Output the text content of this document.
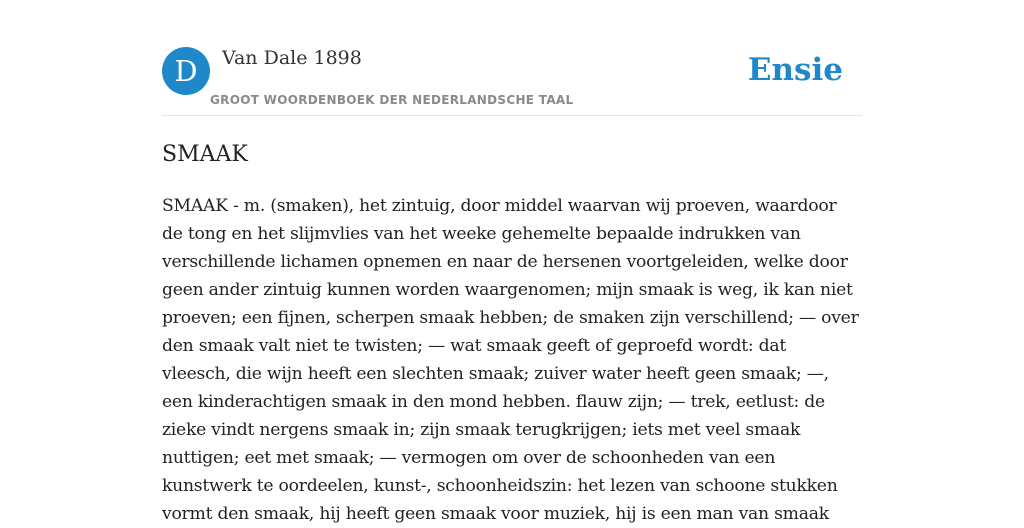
D	Van Dale 1898
GROOT WOORDENBOEK DER NEDERLANDSCHE TAAL
Ensie
SMAAK
SMAAK - m. (smaken), het zintuig, door middel waarvan wij proeven, waardoor
de tong en het slijmvlies van het weeke gehemelte bepaalde indrukken van
verschillende lichamen opnemen en naar de hersenen voortgeleiden, welke door
geen ander zintuig kunnen worden waargenomen; mijn smaak is weg, ik kan niet
proeven; een fijnen, scherpen smaak hebben; de smaken zijn verschillend; — over
den smaak valt niet te twisten; — wat smaak geeft of geproefd wordt: dat
vleesch, die wijn heeft een slechten smaak; zuiver water heeft geen smaak; —,
een kinderachtigen smaak in den mond hebben. flauw zijn; — trek, eetlust: de
zieke vindt nergens smaak in; zijn smaak terugkrijgen; iets met veel smaak
nuttigen; eet met smaak; — vermogen om over de schoonheden van een
kunstwerk te oordeelen, kunst-, schoonheidszin: het lezen van schoone stukken
vormt den smaak, hij heeft geen smaak voor muziek, hij is een man van smaak
